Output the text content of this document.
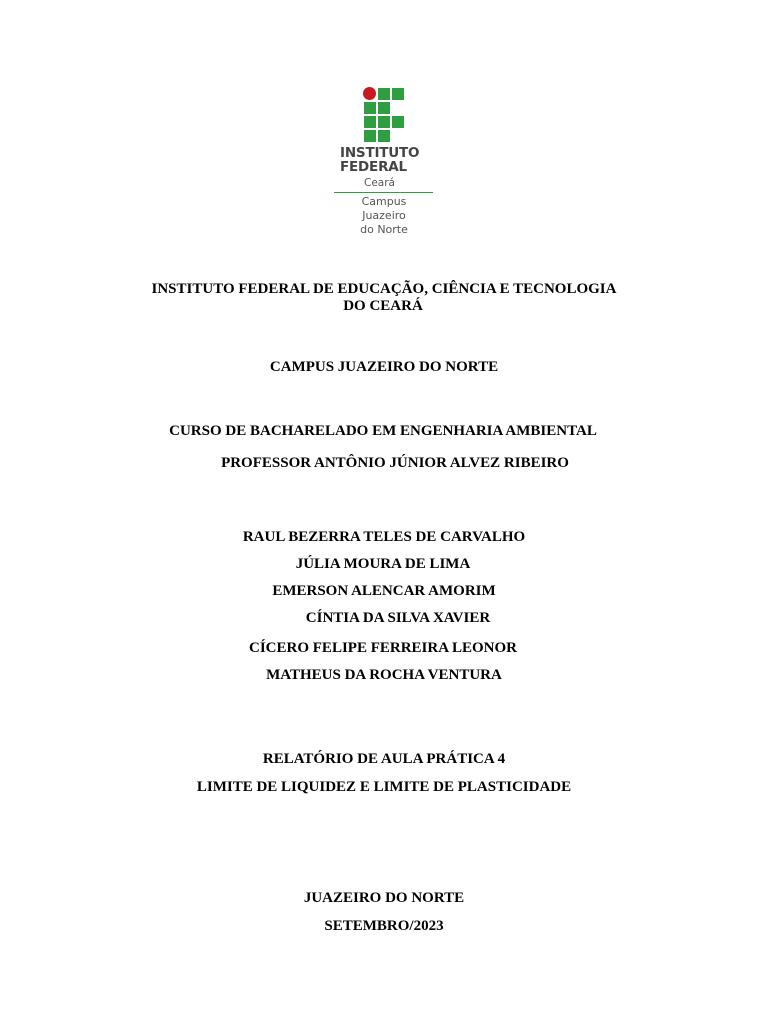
INSTITUTO
FEDERAL
Ceará
Campus
Juazeiro
do Norte
INSTITUTO FEDERAL DE EDUCAÇÃO, CIÊNCIA E TECNOLOGIA
DO CEARÁ
CAMPUS JUAZEIRO DO NORTE
CURSO DE BACHARELADO EM ENGENHARIA AMBIENTAL
PROFESSOR ANTÔNIO JÚNIOR ALVEZ RIBEIRO
RAUL BEZERRA TELES DE CARVALHO
JÚLIA MOURA DE LIMA
EMERSON ALENCAR AMORIM
CÍNTIA DA SILVA XAVIER
CÍCERO FELIPE FERREIRA LEONOR
MATHEUS DA ROCHA VENTURA
RELATÓRIO DE AULA PRÁTICA 4
LIMITE DE LIQUIDEZ E LIMITE DE PLASTICIDADE
JUAZEIRO DO NORTE
SETEMBRO/2023
